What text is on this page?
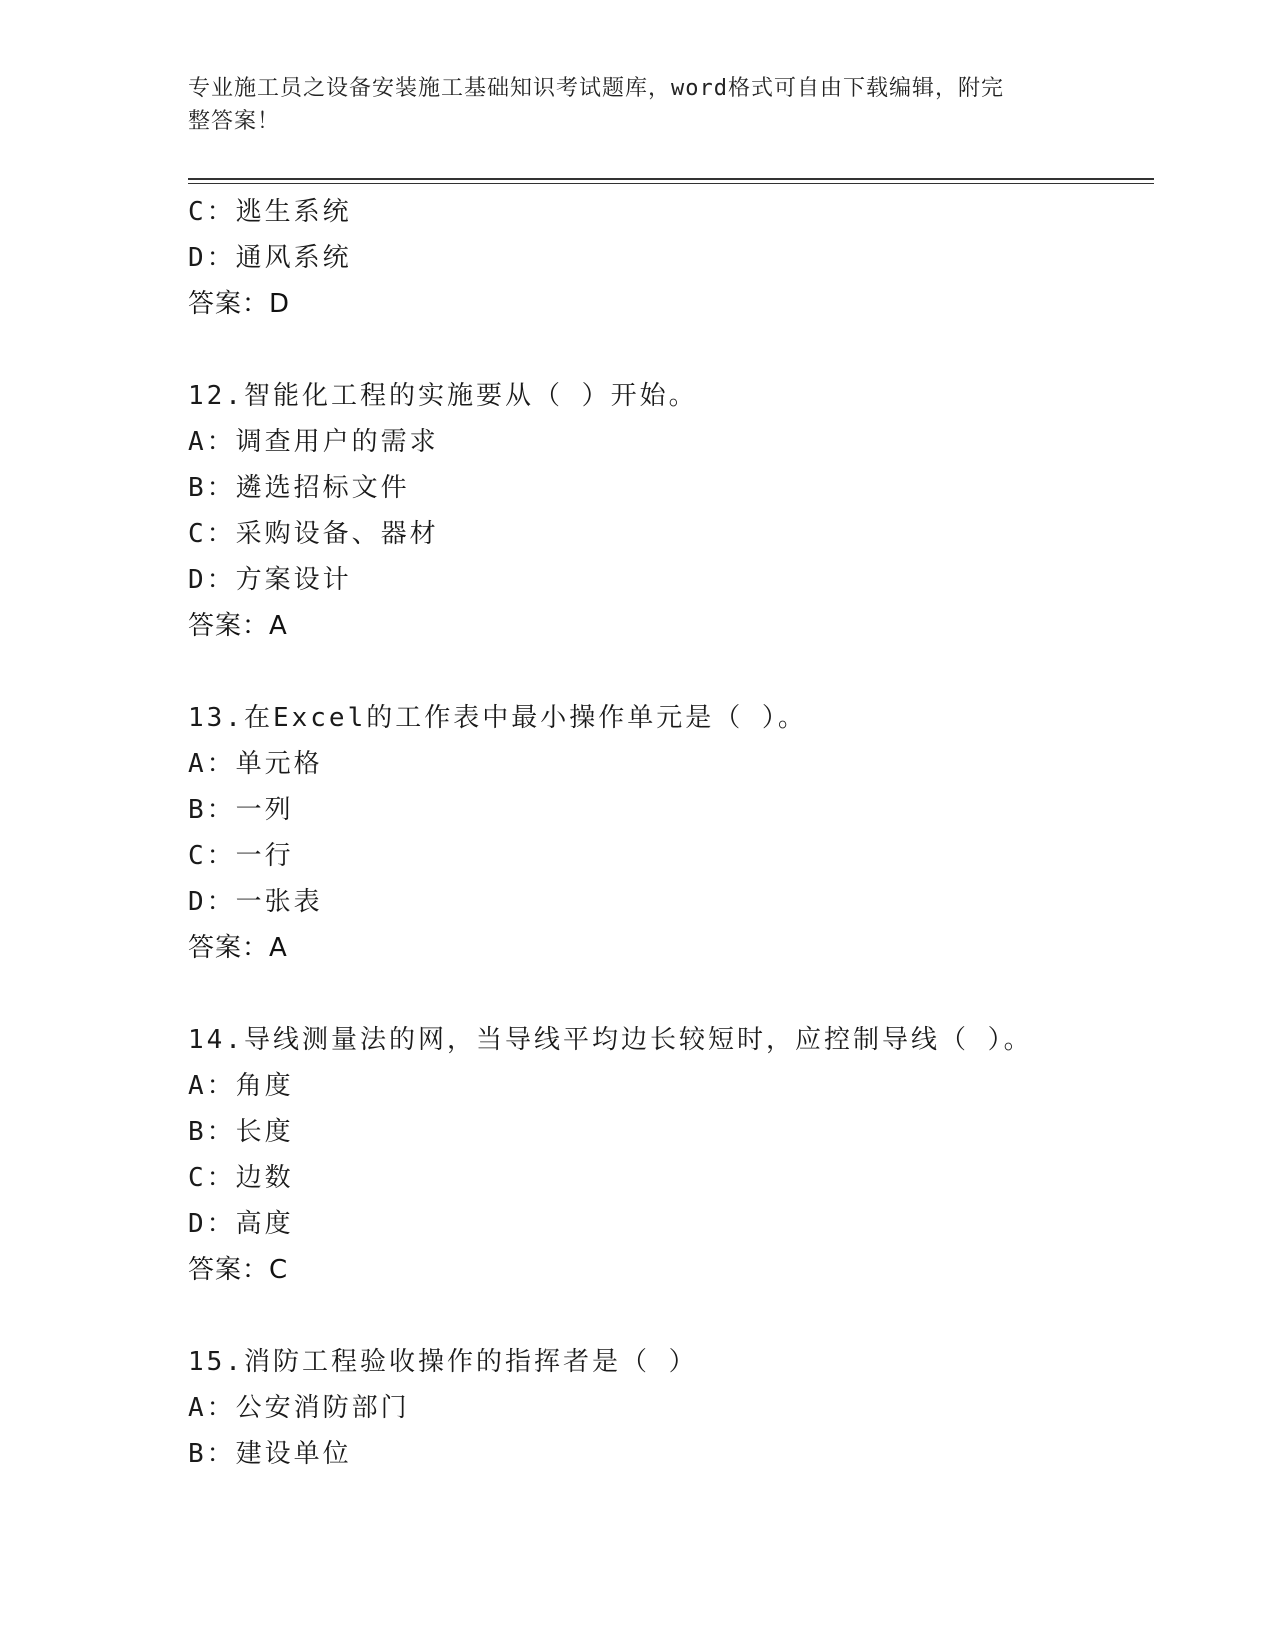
专业施工员之设备安装施工基础知识考试题库，word格式可自由下载编辑，附完
整答案！
C：逃生系统
D：通风系统
答案：D
12.智能化工程的实施要从（ ）开始。
A：调查用户的需求
B：遴选招标文件
C：采购设备、器材
D：方案设计
答案：A
13.在Excel的工作表中最小操作单元是（ ）。
A：单元格
B：一列
C：一行
D：一张表
答案：A
14.导线测量法的网，当导线平均边长较短时，应控制导线（ ）。
A：角度
B：长度
C：边数
D：高度
答案：C
15.消防工程验收操作的指挥者是（ ）
A：公安消防部门
B：建设单位
